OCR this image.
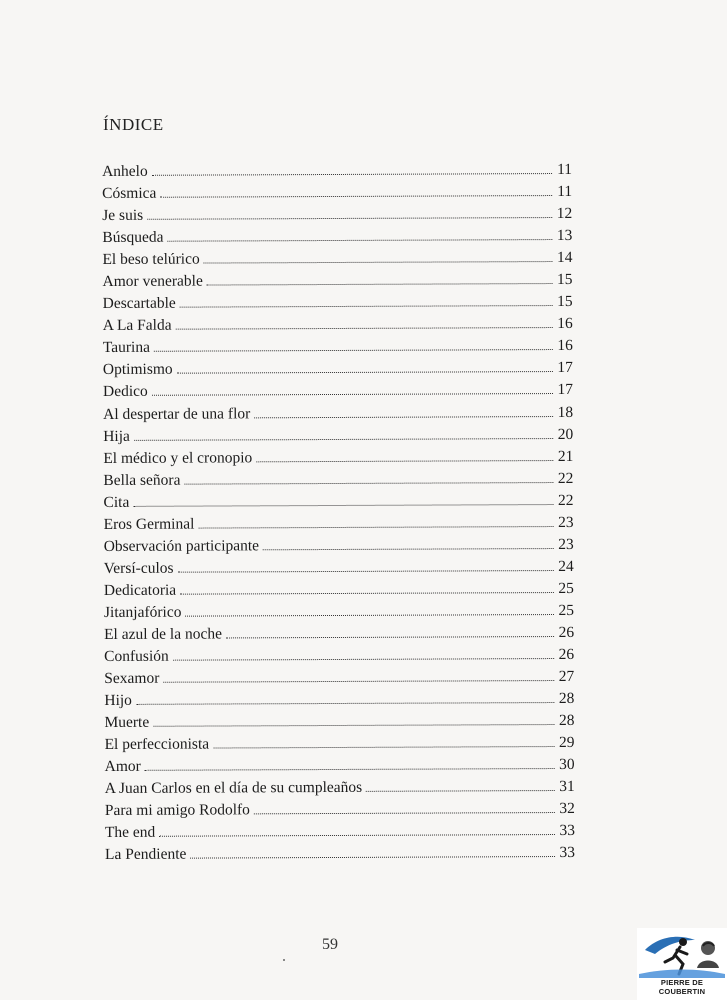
ÍNDICE
Anhelo	11
Cósmica	11
Je suis	12
Búsqueda	13
El beso telúrico	14
Amor venerable	15
Descartable	15
A La Falda	16
Taurina	16
Optimismo	17
Dedico	17
Al despertar de una flor	18
Hija	20
El médico y el cronopio	21
Bella señora	22
Cita	22
Eros Germinal	23
Observación participante	23
Versí-culos	24
Dedicatoria	25
Jitanjafórico	25
El azul de la noche	26
Confusión	26
Sexamor	27
Hijo	28
Muerte	28
El perfeccionista	29
Amor	30
A Juan Carlos en el día de su cumpleaños	31
Para mi amigo Rodolfo	32
The end	33
La Pendiente	33
59
PIERRE DE COUBERTIN
